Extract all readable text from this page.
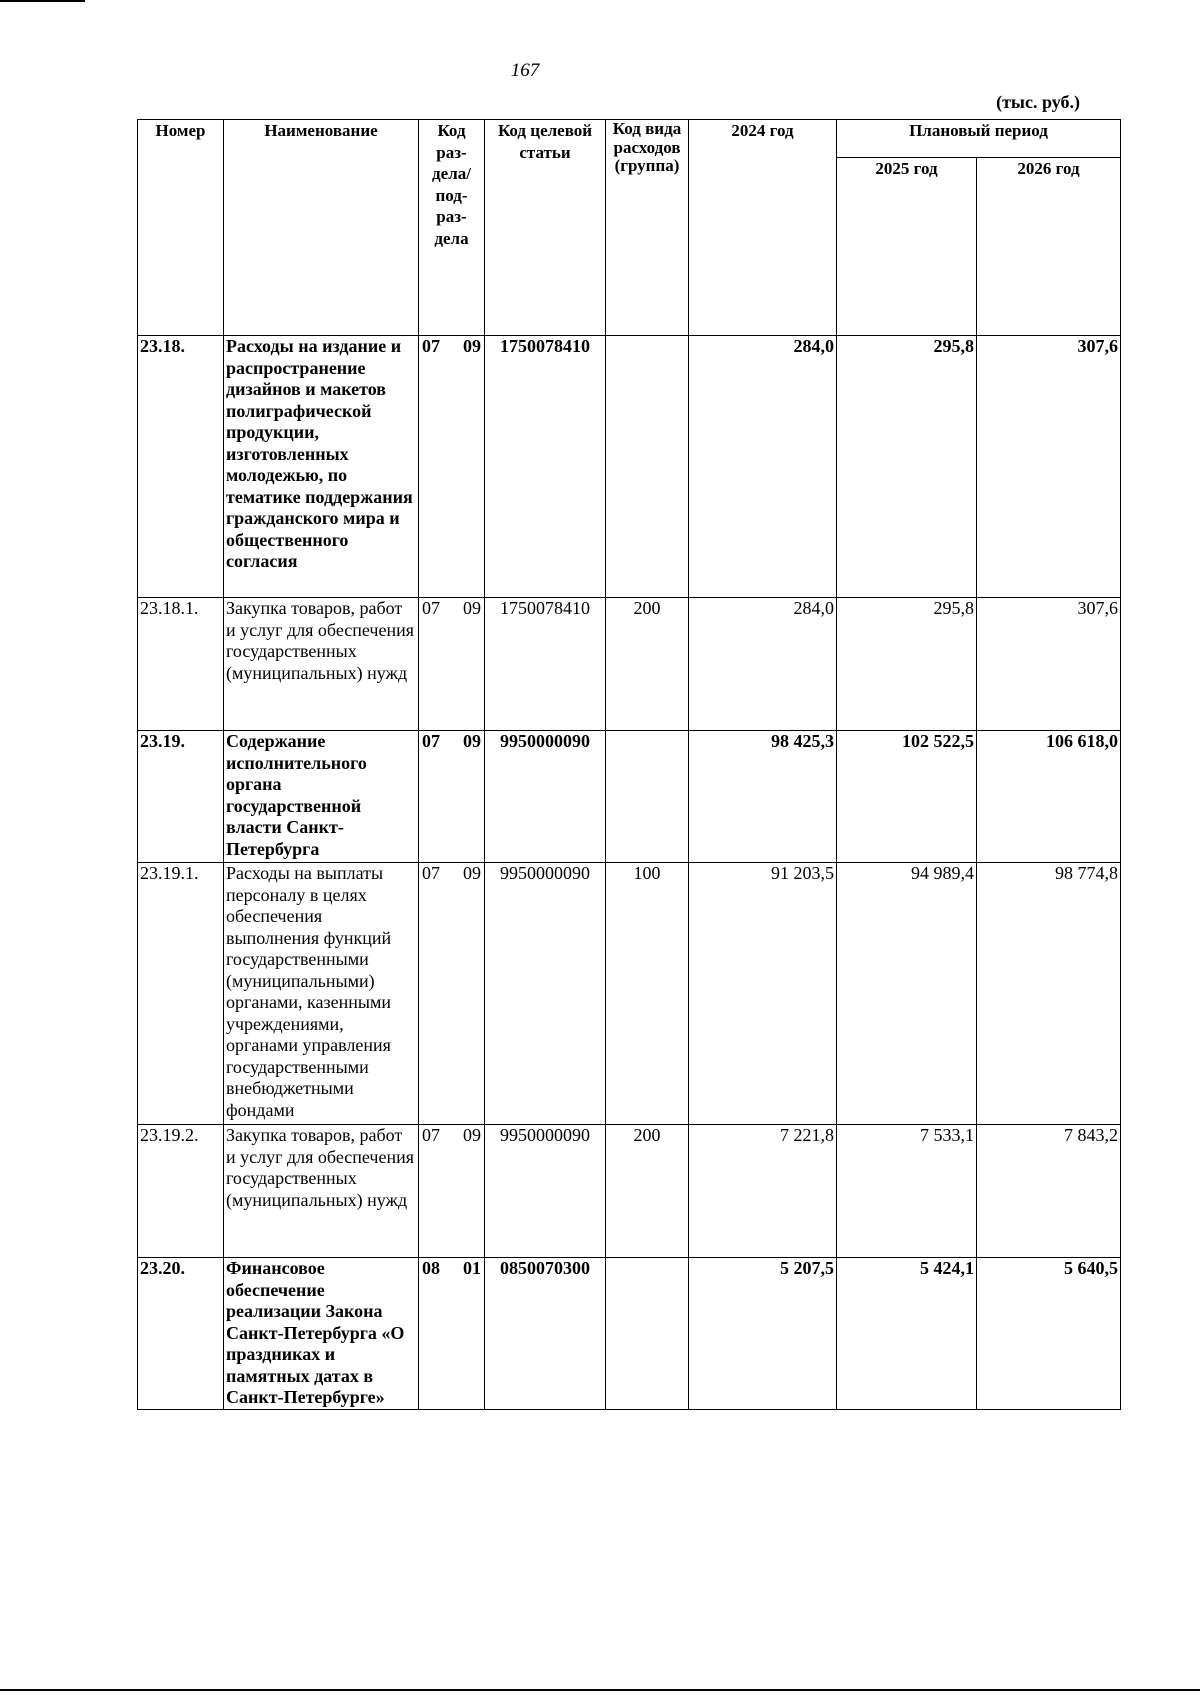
167
(тыс. руб.)
Номер	Наименование	Код раз-дела/ под-раз-дела	Код целевой статьи	Код вида расходов (группа)	2024 год	Плановый период	
						2025 год	2026 год
23.18.	Расходы на издание и распространение дизайнов и макетов полиграфической продукции, изготовленных молодежью, по тематике поддержания гражданского мира и общественного согласия	07 09	1750078410		284,0	295,8	307,6
23.18.1.	Закупка товаров, работ и услуг для обеспечения государственных (муниципальных) нужд	07 09	1750078410	200	284,0	295,8	307,6
23.19.	Содержание исполнительного органа государственной власти Санкт-Петербурга	07 09	9950000090		98 425,3	102 522,5	106 618,0
23.19.1.	Расходы на выплаты персоналу в целях обеспечения выполнения функций государственными (муниципальными) органами, казенными учреждениями, органами управления государственными внебюджетными фондами	07 09	9950000090	100	91 203,5	94 989,4	98 774,8
23.19.2.	Закупка товаров, работ и услуг для обеспечения государственных (муниципальных) нужд	07 09	9950000090	200	7 221,8	7 533,1	7 843,2
23.20.	Финансовое обеспечение реализации Закона Санкт-Петербурга «О праздниках и памятных датах в Санкт-Петербурге»	08 01	0850070300		5 207,5	5 424,1	5 640,5
